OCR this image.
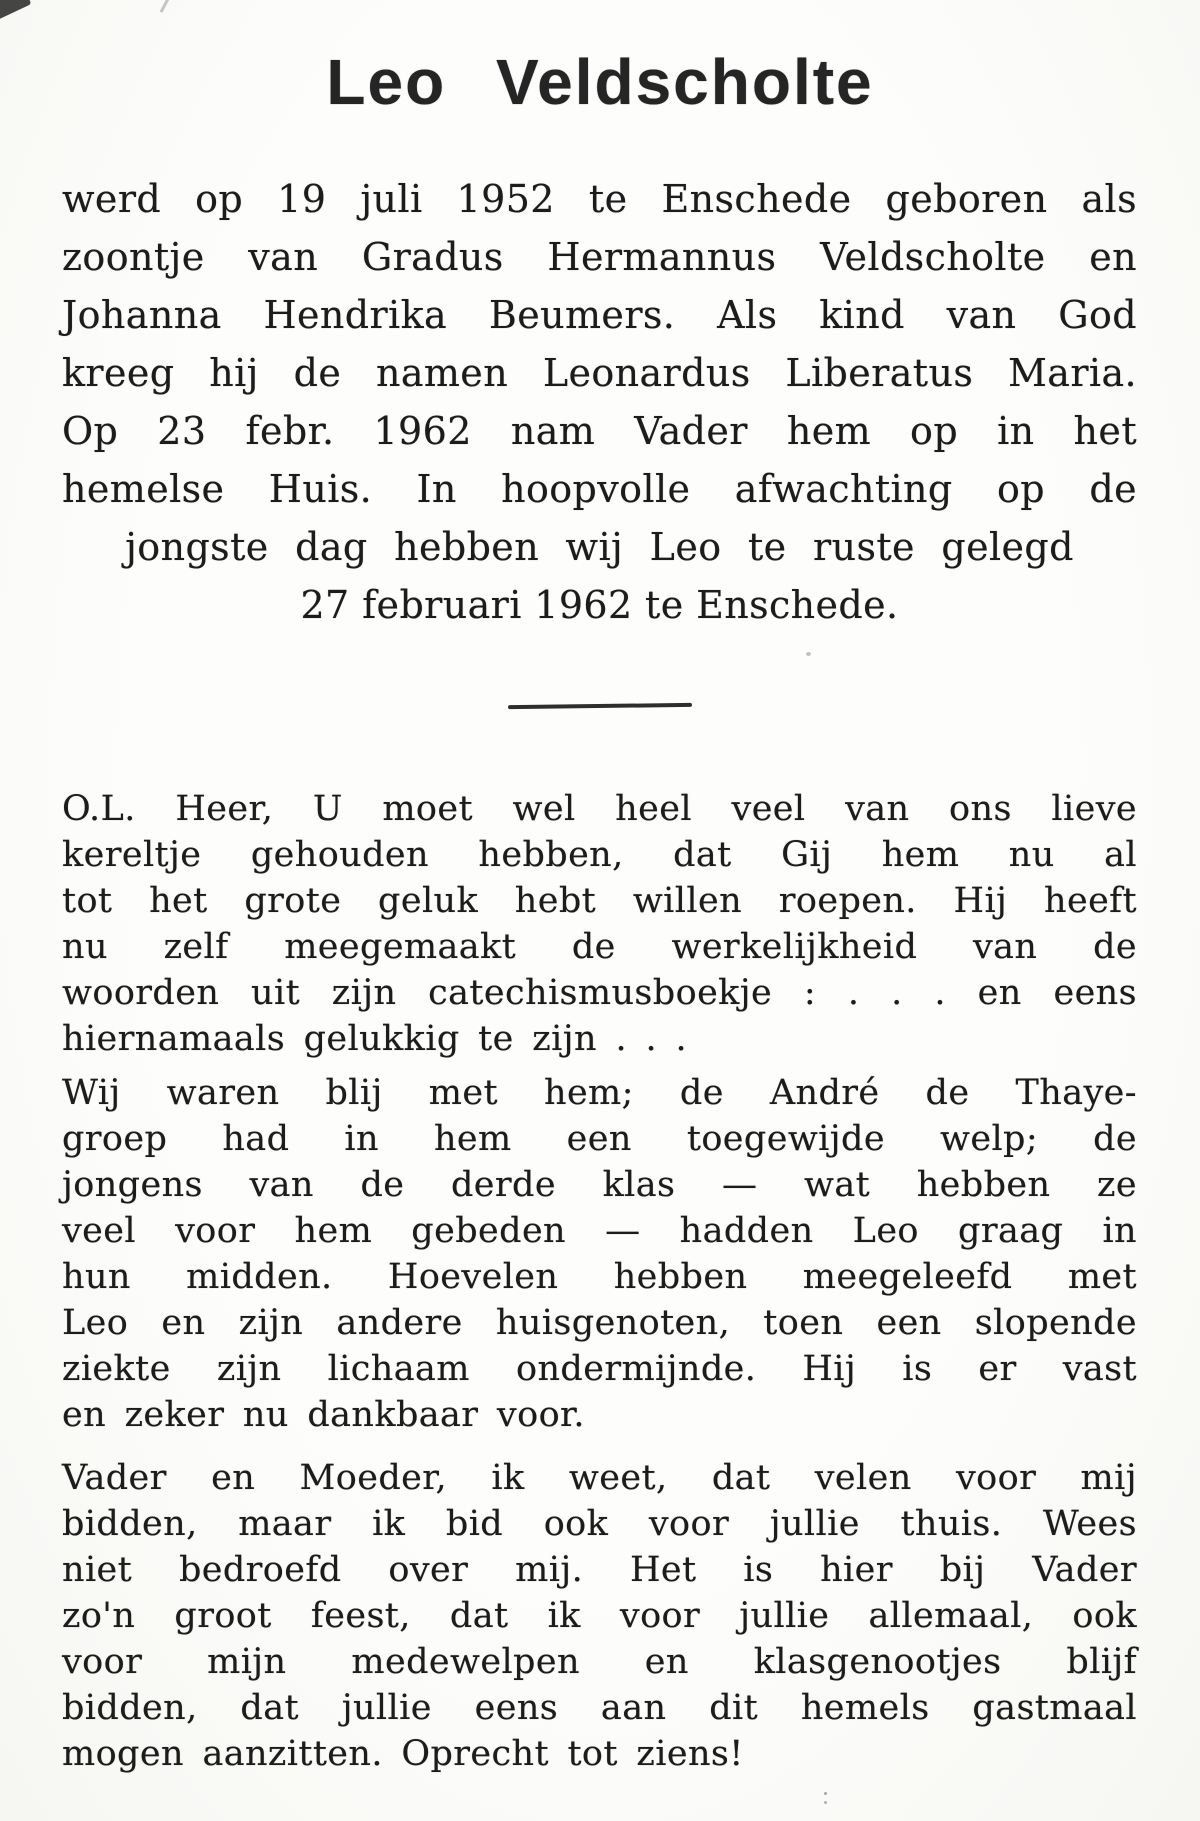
Leo Veldscholte
werd op 19 juli 1952 te Enschede geboren als
zoontje van Gradus Hermannus Veldscholte en
Johanna Hendrika Beumers. Als kind van God
kreeg hij de namen Leonardus Liberatus Maria.
Op 23 febr. 1962 nam Vader hem op in het
hemelse Huis. In hoopvolle afwachting op de
jongste dag hebben wij Leo te ruste gelegd
27 februari 1962 te Enschede.
O.L. Heer, U moet wel heel veel van ons lieve
kereltje gehouden hebben, dat Gij hem nu al
tot het grote geluk hebt willen roepen. Hij heeft
nu zelf meegemaakt de werkelijkheid van de
woorden uit zijn catechismusboekje : . . . en eens
hiernamaals gelukkig te zijn . . .
Wij waren blij met hem; de André de Thaye-
groep had in hem een toegewijde welp; de
jongens van de derde klas — wat hebben ze
veel voor hem gebeden — hadden Leo graag in
hun midden. Hoevelen hebben meegeleefd met
Leo en zijn andere huisgenoten, toen een slopende
ziekte zijn lichaam ondermijnde. Hij is er vast
en zeker nu dankbaar voor.
Vader en Moeder, ik weet, dat velen voor mij
bidden, maar ik bid ook voor jullie thuis. Wees
niet bedroefd over mij. Het is hier bij Vader
zo'n groot feest, dat ik voor jullie allemaal, ook
voor mijn medewelpen en klasgenootjes blijf
bidden, dat jullie eens aan dit hemels gastmaal
mogen aanzitten. Oprecht tot ziens!
